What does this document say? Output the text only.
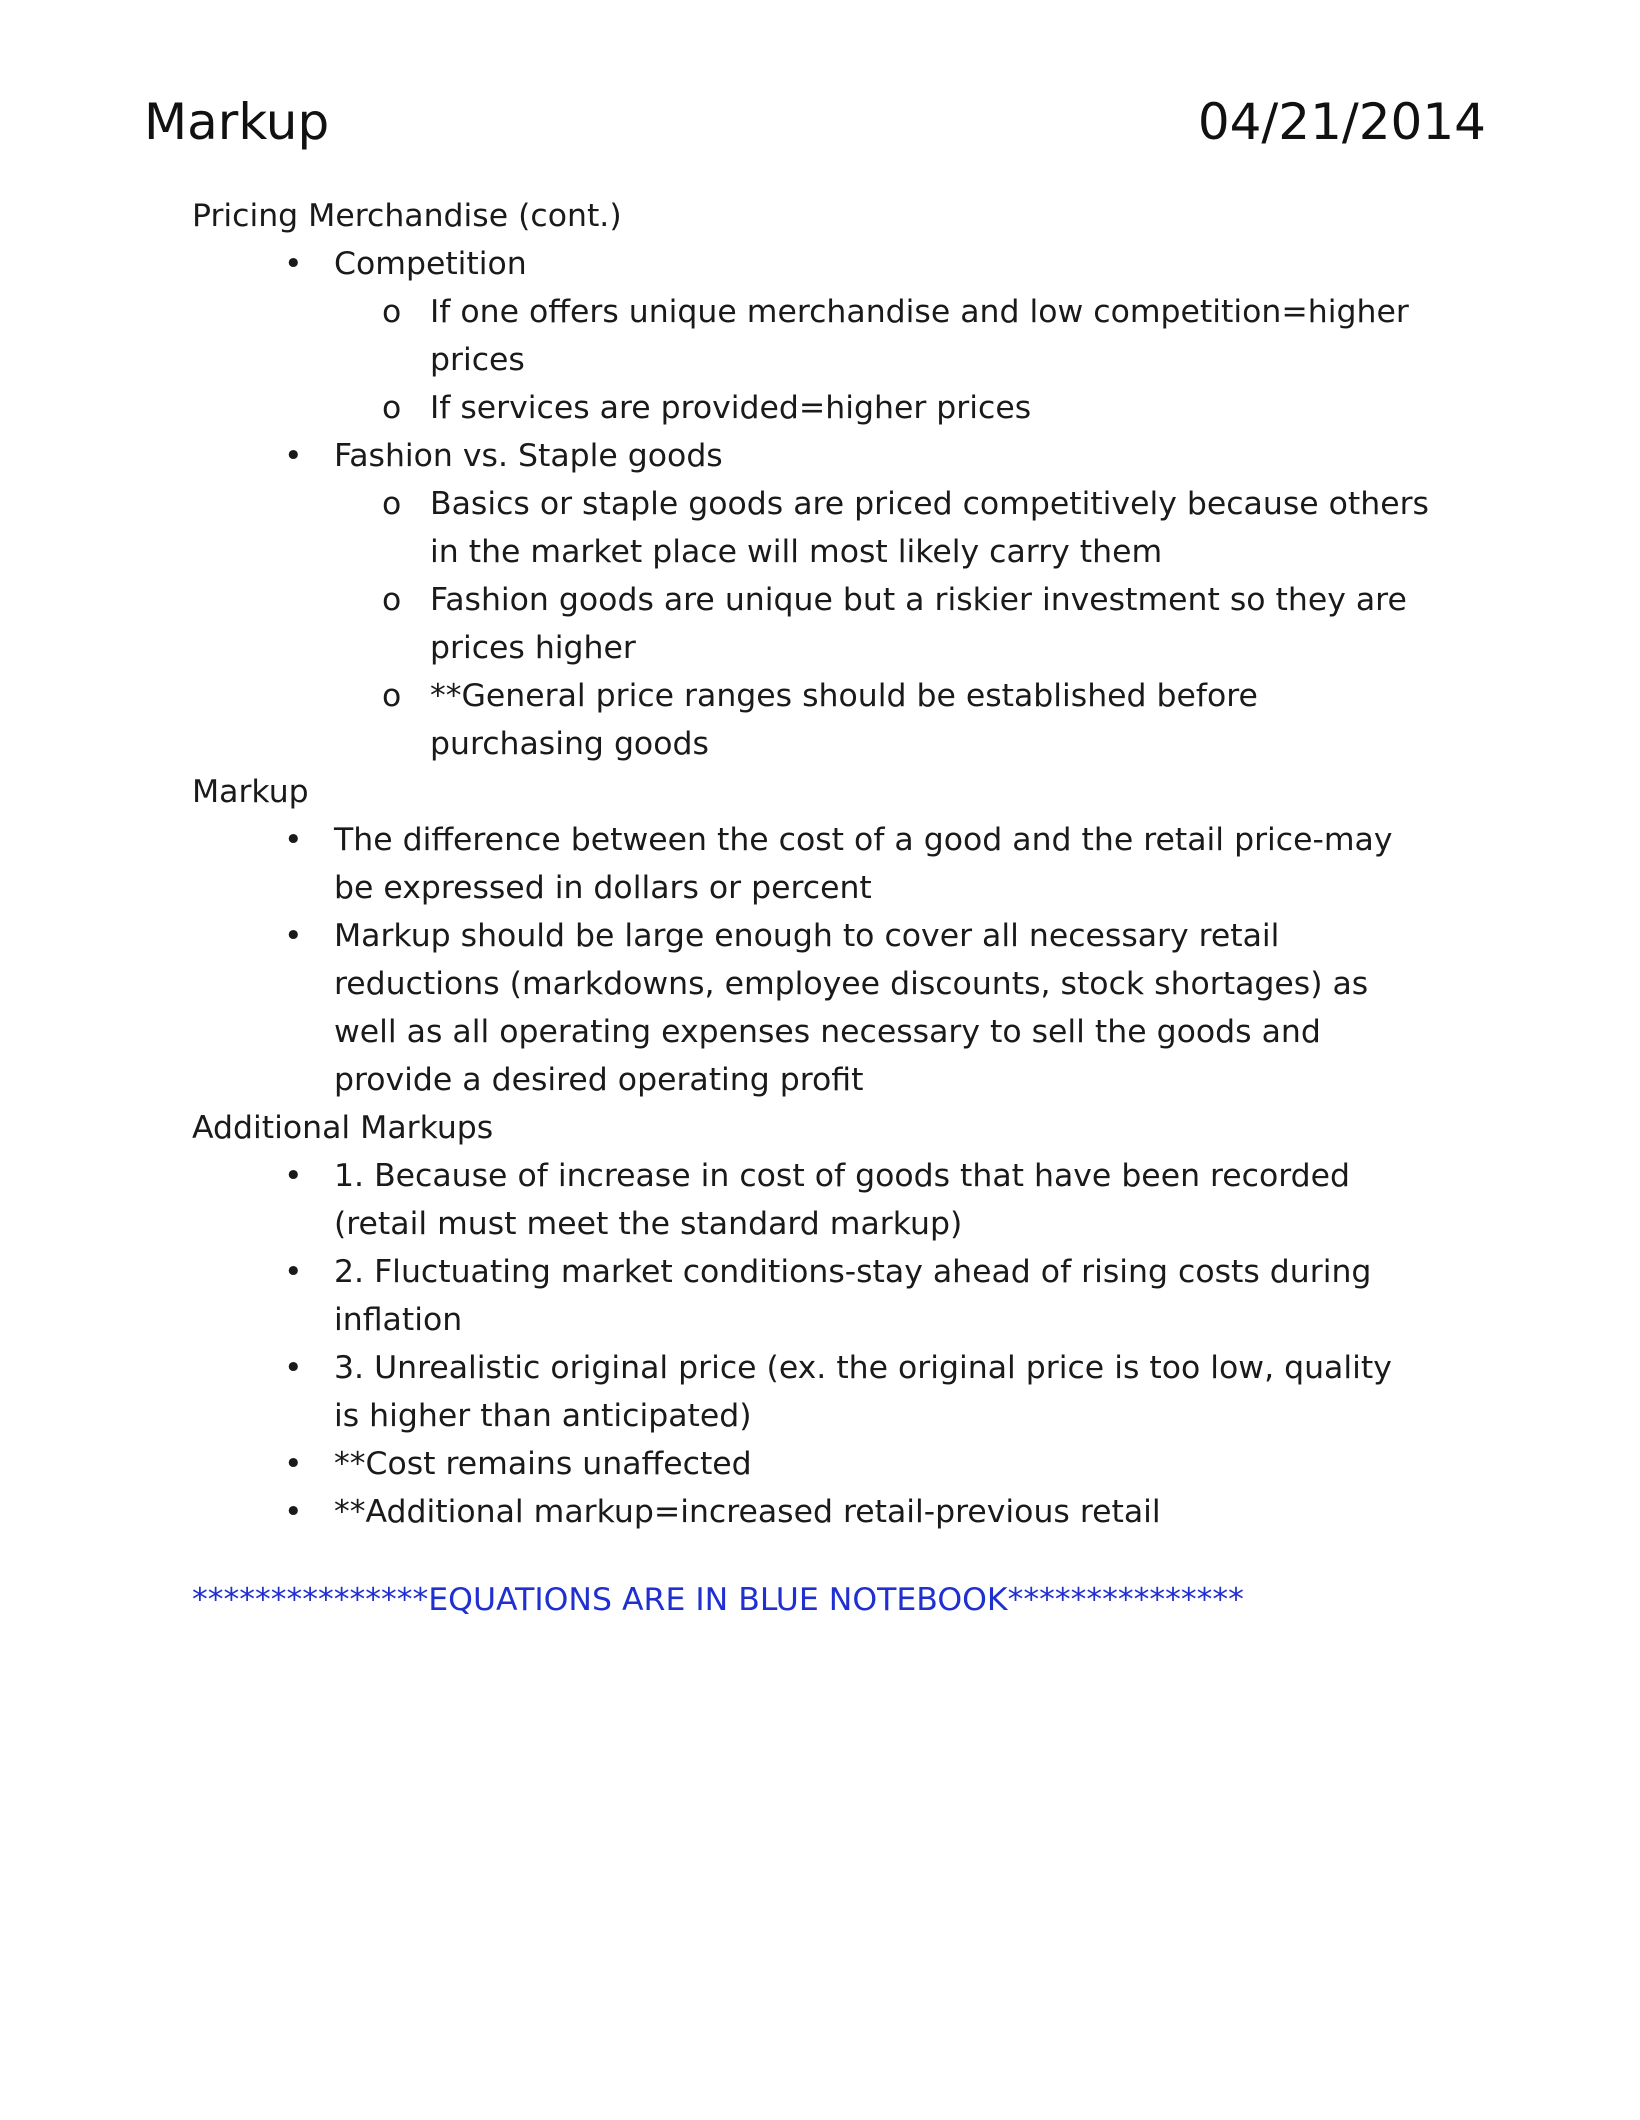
Markup	04/21/2014
Pricing Merchandise (cont.)
• Competition
o If one offers unique merchandise and low competition=higher prices
o If services are provided=higher prices
• Fashion vs. Staple goods
o Basics or staple goods are priced competitively because others in the market place will most likely carry them
o Fashion goods are unique but a riskier investment so they are prices higher
o **General price ranges should be established before purchasing goods
Markup
• The difference between the cost of a good and the retail price-may be expressed in dollars or percent
• Markup should be large enough to cover all necessary retail reductions (markdowns, employee discounts, stock shortages) as well as all operating expenses necessary to sell the goods and provide a desired operating profit
Additional Markups
• 1. Because of increase in cost of goods that have been recorded (retail must meet the standard markup)
• 2. Fluctuating market conditions-stay ahead of rising costs during inflation
• 3. Unrealistic original price (ex. the original price is too low, quality is higher than anticipated)
• **Cost remains unaffected
• **Additional markup=increased retail-previous retail
***************EQUATIONS ARE IN BLUE NOTEBOOK***************
